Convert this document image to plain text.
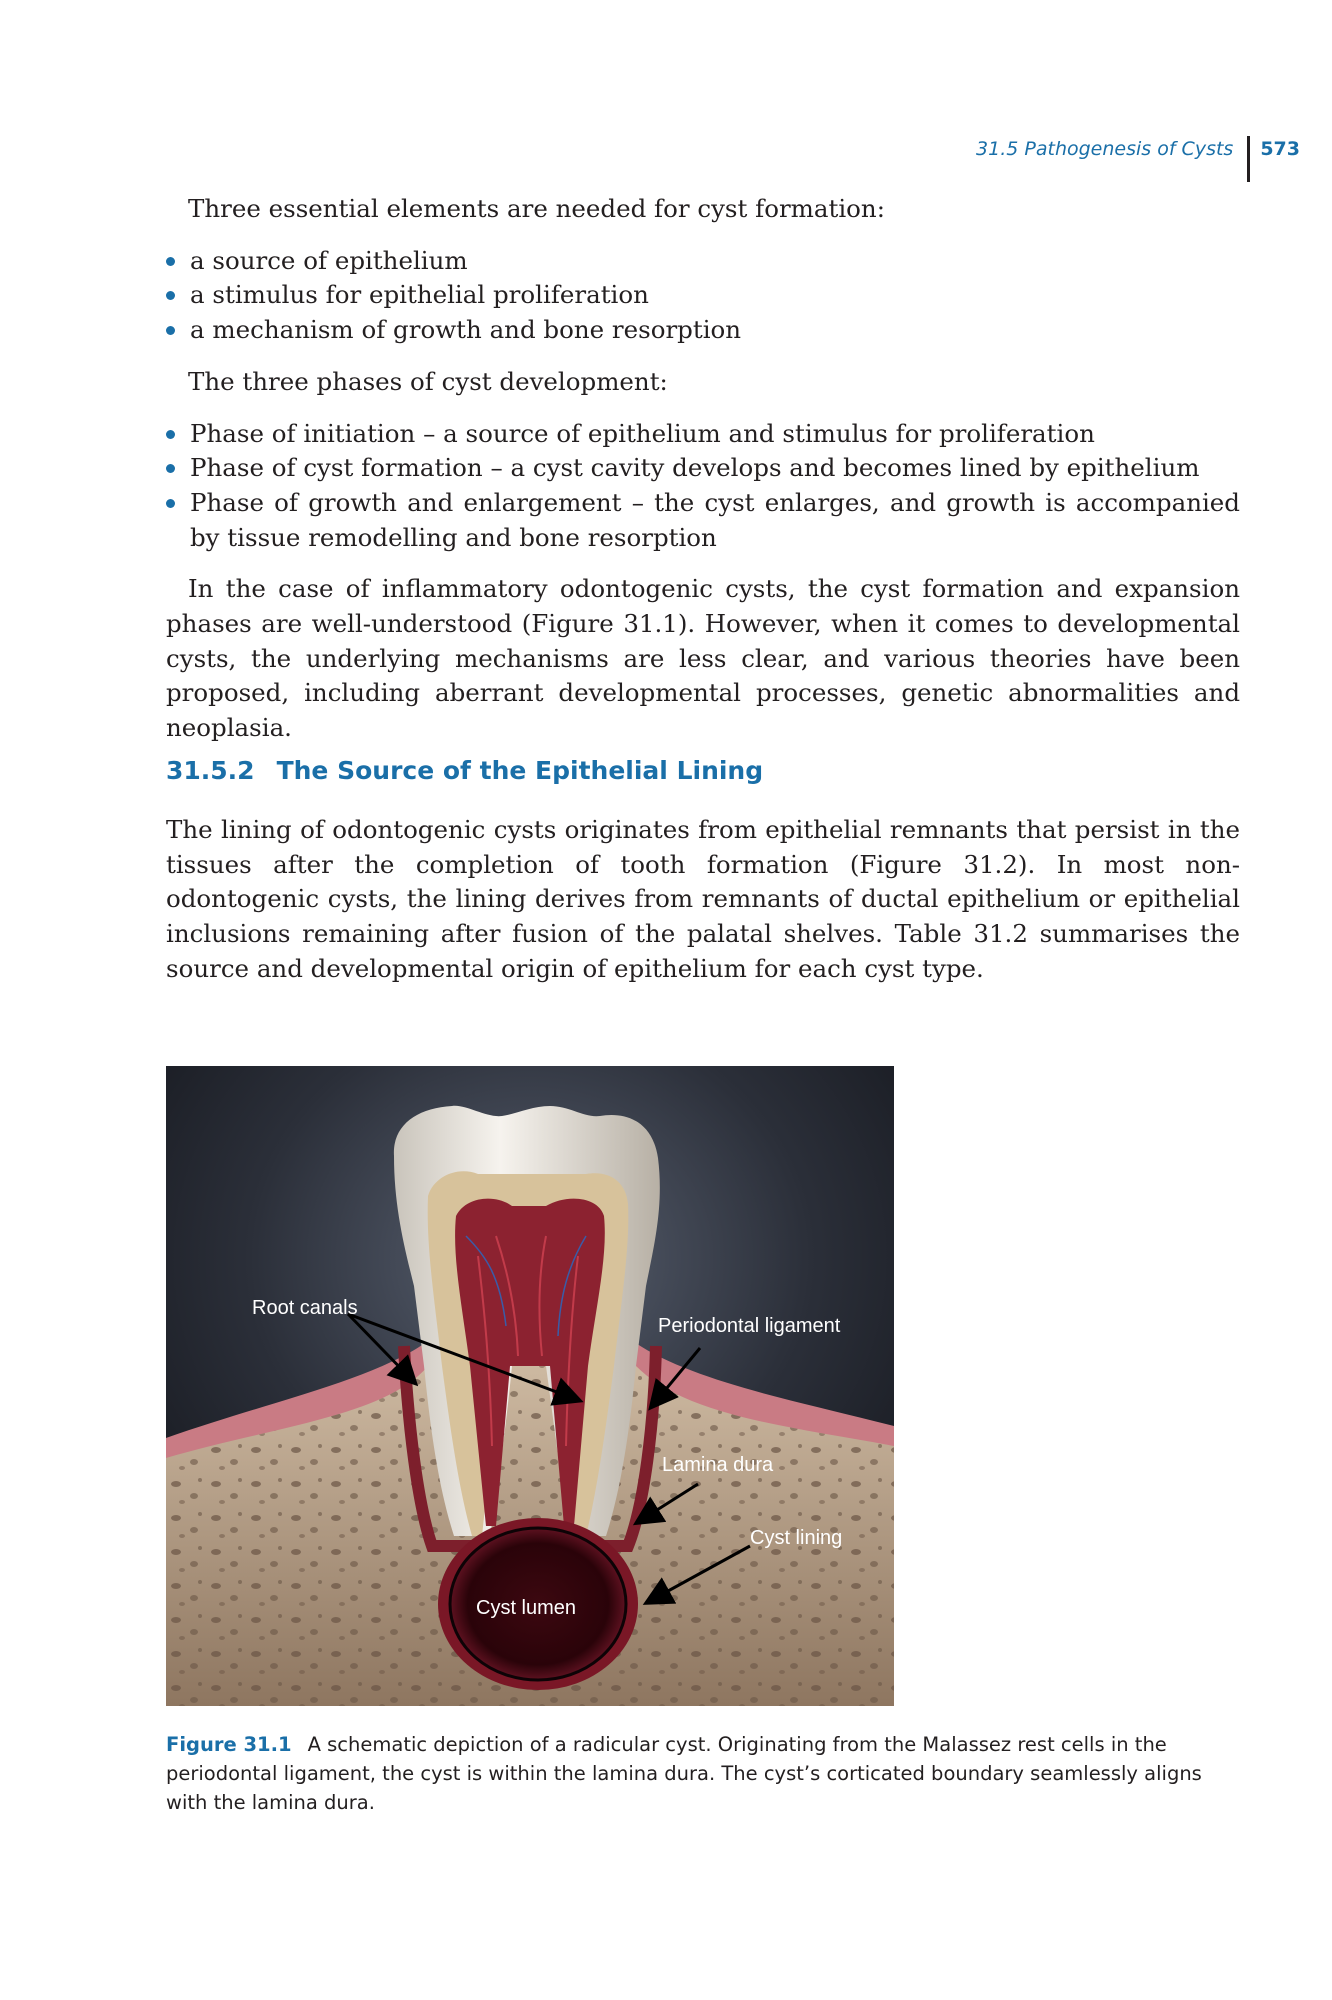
31.5 Pathogenesis of Cysts 573

Three essential elements are needed for cyst formation:

a source of epithelium
a stimulus for epithelial proliferation
a mechanism of growth and bone resorption

The three phases of cyst development:

Phase of initiation – a source of epithelium and stimulus for proliferation
Phase of cyst formation – a cyst cavity develops and becomes lined by epithelium
Phase of growth and enlargement – the cyst enlarges, and growth is accompanied by tissue remodelling and bone resorption

In the case of inflammatory odontogenic cysts, the cyst formation and expansion phases are well-understood (Figure 31.1). However, when it comes to developmental cysts, the underlying mechanisms are less clear, and various theories have been proposed, including aberrant developmental processes, genetic abnormalities and neoplasia.

31.5.2 The Source of the Epithelial Lining

The lining of odontogenic cysts originates from epithelial remnants that persist in the tissues after the completion of tooth formation (Figure 31.2). In most non-odontogenic cysts, the lining derives from remnants of ductal epithelium or epithelial inclusions remaining after fusion of the palatal shelves. Table 31.2 summarises the source and developmental origin of epithelium for each cyst type.

Root canals
Periodontal ligament
Lamina dura
Cyst lining
Cyst lumen
Figure 31.1 A schematic depiction of a radicular cyst. Originating from the Malassez rest cells in the periodontal ligament, the cyst is within the lamina dura. The cyst’s corticated boundary seamlessly aligns with the lamina dura.
